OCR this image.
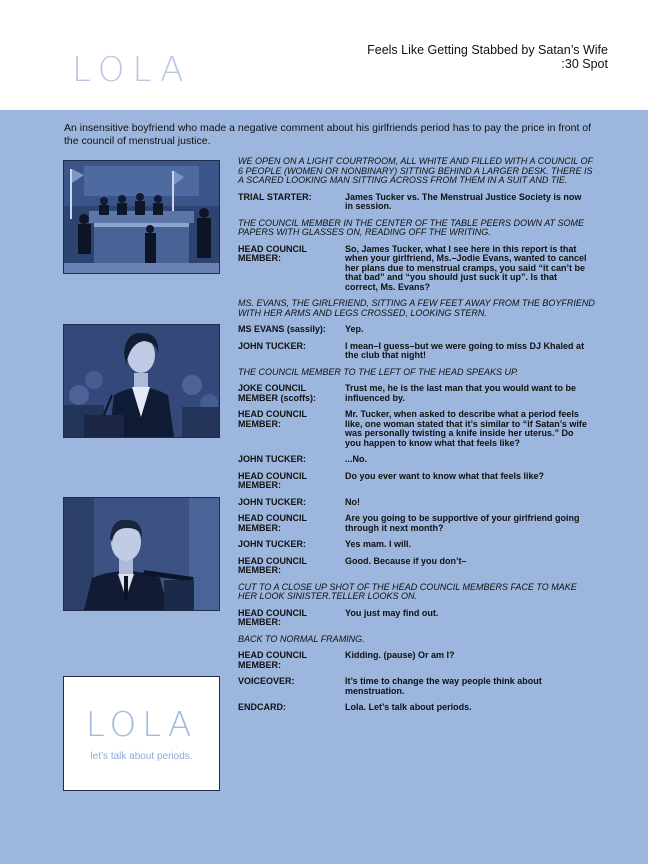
LOLA	Feels Like Getting Stabbed by Satan’s Wife
:30 Spot
An insensitive boyfriend who made a negative comment about his girlfriends period has to pay the price in front of the council of menstrual justice.
LOLA
let’s talk about periods.
WE OPEN ON A LIGHT COURTROOM, ALL WHITE AND FILLED WITH A COUNCIL OF 6 PEOPLE (WOMEN OR NONBINARY) SITTING BEHIND A LARGER DESK. THERE IS A SCARED LOOKING MAN SITTING ACROSS FROM THEM IN A SUIT AND TIE.
TRIAL STARTER:	James Tucker vs. The Menstrual Justice Society is now in session.
THE COUNCIL MEMBER IN THE CENTER OF THE TABLE PEERS DOWN AT SOME PAPERS WITH GLASSES ON, READING OFF THE WRITING.
HEAD COUNCIL MEMBER:
So, James Tucker, what I see here in this report is that when your girlfriend, Ms.–Jodie Evans, wanted to cancel her plans due to menstrual cramps, you said “it can’t be that bad” and “you should just suck it up”. Is that correct, Ms. Evans?
MS. EVANS, THE GIRLFRIEND, SITTING A FEW FEET AWAY FROM THE BOYFRIEND WITH HER ARMS AND LEGS CROSSED, LOOKING STERN.
MS EVANS (sassily):	Yep.
JOHN TUCKER:	I mean–I guess–but we were going to miss DJ Khaled at the club that night!
THE COUNCIL MEMBER TO THE LEFT OF THE HEAD SPEAKS UP.
JOKE COUNCIL MEMBER (scoffs):
Trust me, he is the last man that you would want to be influenced by.
HEAD COUNCIL MEMBER:
Mr. Tucker, when asked to describe what a period feels like, one woman stated that it’s similar to “if Satan’s wife was personally twisting a knife inside her uterus.” Do you happen to know what that feels like?
JOHN TUCKER:	...No.
HEAD COUNCIL MEMBER:
Do you ever want to know what that feels like?
JOHN TUCKER:	No!
HEAD COUNCIL MEMBER:
Are you going to be supportive of your girlfriend going through it next month?
JOHN TUCKER:	Yes mam. I will.
HEAD COUNCIL MEMBER:
Good. Because if you don’t–
CUT TO A CLOSE UP SHOT OF THE HEAD COUNCIL MEMBERS FACE TO MAKE HER LOOK SINISTER.TELLER LOOKS ON.
HEAD COUNCIL MEMBER:
You just may find out.
BACK TO NORMAL FRAMING.
HEAD COUNCIL MEMBER:
Kidding. (pause) Or am I?
VOICEOVER:	It’s time to change the way people think about menstruation.
ENDCARD:	Lola. Let’s talk about periods.
